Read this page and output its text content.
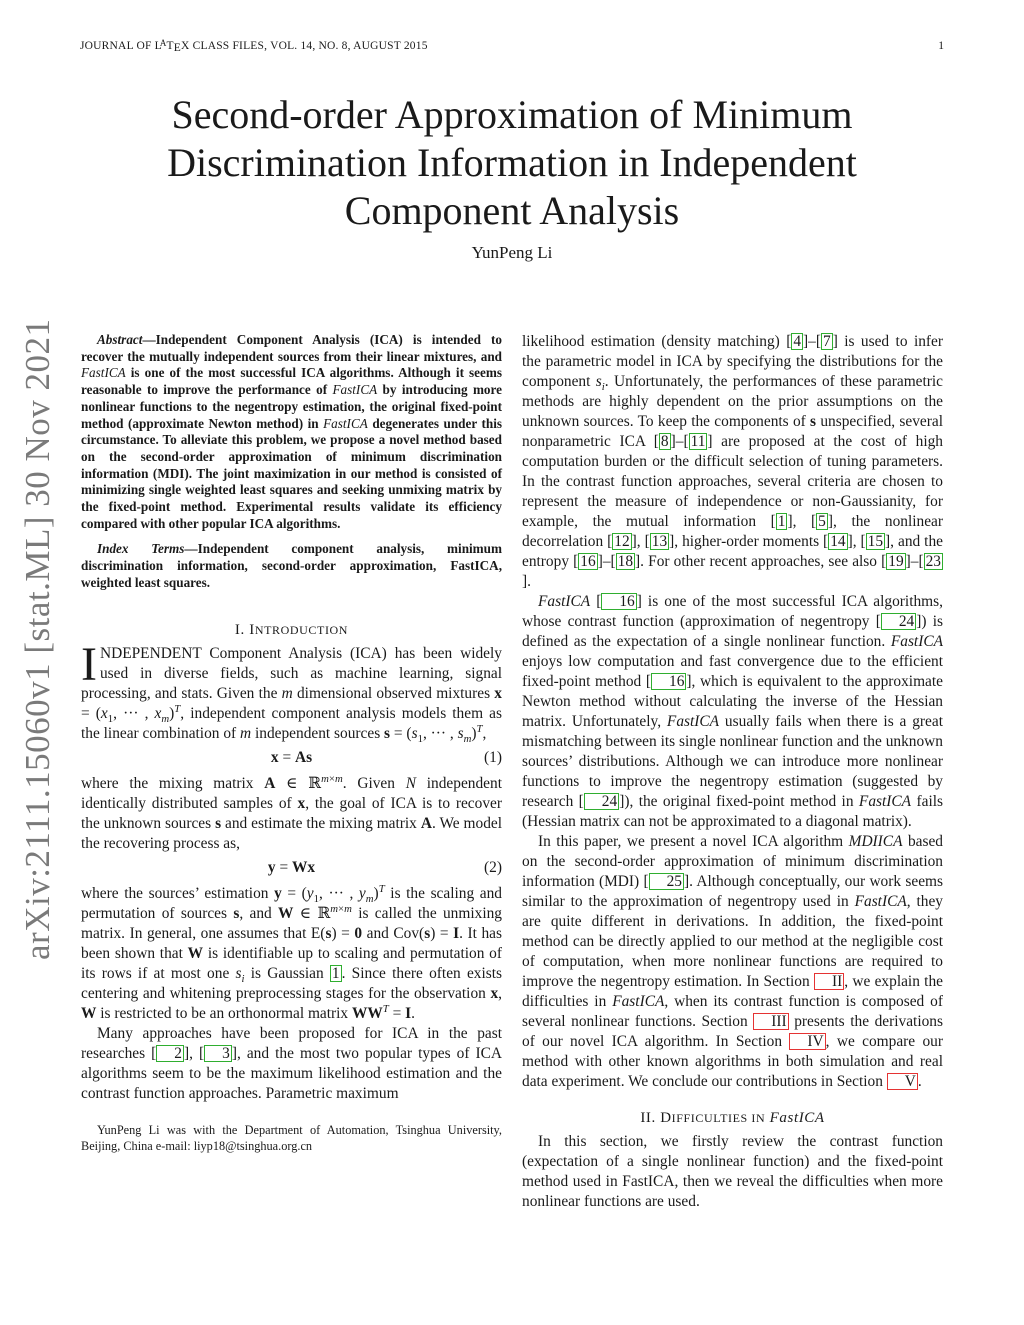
JOURNAL OF $L^ATEX$ CLASS FILES, VOL. 14, NO. 8, AUGUST 2015	1
Second-order Approximation of Minimum
Discrimination Information in Independent
Component Analysis
YunPeng Li
arXiv:2111.15060v1 [stat.ML] 30 Nov 2021	Abstract—Independent Component Analysis (ICA) is intended to recover the mutually independent sources from their linear mixtures, and FastICA is one of the most successful ICA algorithms. Although it seems reasonable to improve the performance of FastICA by introducing more nonlinear functions to the negentropy estimation, the original fixed-point method (approximate Newton method) in FastICA degenerates under this circumstance. To alleviate this problem, we propose a novel method based on the second-order approximation of minimum discrimination information (MDI). The joint maximization in our method is consisted of minimizing single weighted least squares and seeking unmixing matrix by the fixed-point method. Experimental results validate its efficiency compared with other popular ICA algorithms.

Index Terms—Independent component analysis, minimum discrimination information, second-order approximation, FastICA, weighted least squares.

I. INTRODUCTION

INDEPENDENT Component Analysis (ICA) has been widely used in diverse fields, such as machine learning, signal processing, and stats. Given the m dimensional observed mixtures $x = (x_1$, ··· , $x_m)^T$, independent component analysis models them as the linear combination of m independent sources $s = (s_1$, ··· , $s_m)^T$,

x = As	(1)

where the mixing matrix A ∈ ℝ$^{m\times m}$. Given N independent identically distributed samples of x, the goal of ICA is to recover the unknown sources s and estimate the mixing matrix A. We model the recovering process as,

y = Wx	(2)

where the sources’ estimation $y = (y_1$, ··· , $y_m)^T$ is the scaling and permutation of sources s, and W ∈ ℝ$^{m\times m}$ is called the unmixing matrix. In general, one assumes that E(s) = 0 and Cov(s) = I. It has been shown that W is identifiable up to scaling and permutation of its rows if at most one $s_i$ is Gaussian 1 . Since there often exists centering and whitening preprocessing stages for the observation x, W is restricted to be an orthonormal matrix $WW^T = I$.

Many approaches have been proposed for ICA in the past researches [ 2 ], [ 3 ], and the most two popular types of ICA algorithms seem to be the maximum likelihood estimation and the contrast function approaches. Parametric maximum

YunPeng Li was with the Department of Automation, Tsinghua University, Beijing, China e-mail: liyp18@tsinghua.org.cn

likelihood estimation (density matching) [ 4 ]–[ 7 ] is used to infer the parametric model in ICA by specifying the distributions for the component $s_i$. Unfortunately, the performances of these parametric methods are highly dependent on the prior assumptions on the unknown sources. To keep the components of s unspecified, several nonparametric ICA [ 8 ]–[ 11 ] are proposed at the cost of high computation burden or the difficult selection of tuning parameters. In the contrast function approaches, several criteria are chosen to represent the measure of independence or non-Gaussianity, for example, the mutual information [ 1 ], [ 5 ], the nonlinear decorrelation [ 12 ], [ 13 ], higher-order moments [ 14 ], [ 15 ], and the entropy [ 16 ]–[ 18 ]. For other recent approaches, see also [ 19 ]–[ 23].

FastICA [ 16 ] is one of the most successful ICA algorithms, whose contrast function (approximation of negentropy [ 24 ]) is defined as the expectation of a single nonlinear function. FastICA enjoys low computation and fast convergence due to the efficient fixed-point method [ 16 ], which is equivalent to the approximate Newton method without calculating the inverse of the Hessian matrix. Unfortunately, FastICA usually fails when there is a great mismatching between its single nonlinear function and the unknown sources’ distributions. Although we can introduce more nonlinear functions to improve the negentropy estimation (suggested by research [ 24 ]), the original fixed-point method in FastICA fails (Hessian matrix can not be approximated to a diagonal matrix).

In this paper, we present a novel ICA algorithm MDIICA based on the second-order approximation of minimum discrimination information (MDI) [ 25 ]. Although conceptually, our work seems similar to the approximation of negentropy used in FastICA, they are quite different in derivations. In addition, the fixed-point method can be directly applied to our method at the negligible cost of computation, when more nonlinear functions are required to improve the negentropy estimation. In Section II , we explain the difficulties in FastICA, when its contrast function is composed of several nonlinear functions. Section III presents the derivations of our novel ICA algorithm. In Section IV , we compare our method with other known algorithms in both simulation and real data experiment. We conclude our contributions in Section V .

II. DIFFICULTIES IN FastICA

In this section, we firstly review the contrast function (expectation of a single nonlinear function) and the fixed-point method used in FastICA, then we reveal the difficulties when more nonlinear functions are used.
